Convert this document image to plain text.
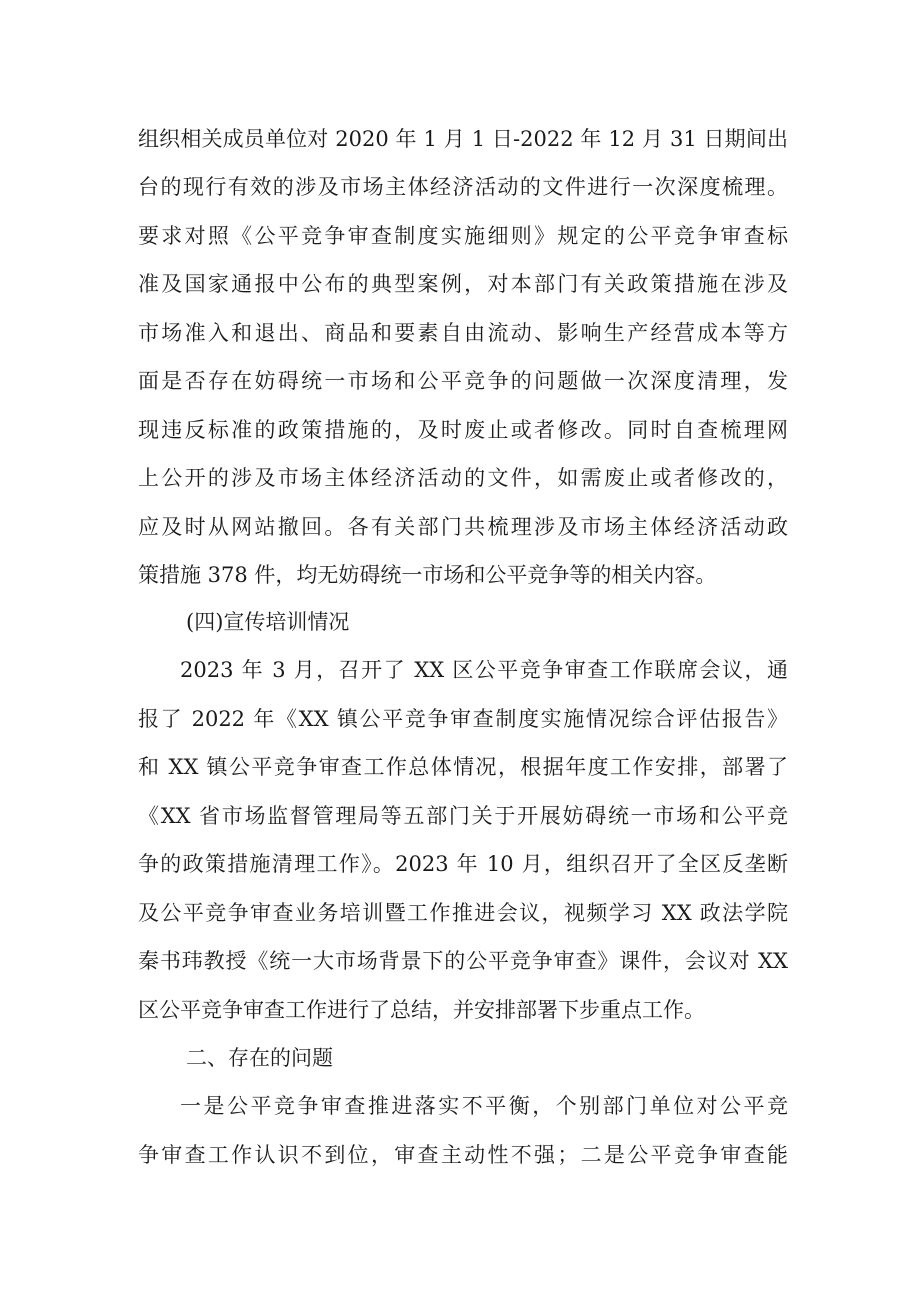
组织相关成员单位对 2020 年 1 月 1 日-2022 年 12 月 31 日期间出

台的现行有效的涉及市场主体经济活动的文件进行一次深度梳理。

要求对照《公平竞争审查制度实施细则》规定的公平竞争审查标

准及国家通报中公布的典型案例，对本部门有关政策措施在涉及

市场准入和退出、商品和要素自由流动、影响生产经营成本等方

面是否存在妨碍统一市场和公平竞争的问题做一次深度清理，发

现违反标准的政策措施的，及时废止或者修改。同时自查梳理网

上公开的涉及市场主体经济活动的文件，如需废止或者修改的，

应及时从网站撤回。各有关部门共梳理涉及市场主体经济活动政

策措施 378 件，均无妨碍统一市场和公平竞争等的相关内容。

(四)宣传培训情况

2023 年 3 月，召开了 XX 区公平竞争审查工作联席会议，通

报了 2022 年《XX 镇公平竞争审查制度实施情况综合评估报告》

和 XX 镇公平竞争审查工作总体情况，根据年度工作安排，部署了

《XX 省市场监督管理局等五部门关于开展妨碍统一市场和公平竞

争的政策措施清理工作》。2023 年 10 月，组织召开了全区反垄断

及公平竞争审查业务培训暨工作推进会议，视频学习 XX 政法学院

秦书玮教授《统一大市场背景下的公平竞争审查》课件，会议对 XX

区公平竞争审查工作进行了总结，并安排部署下步重点工作。

二、存在的问题

一是公平竞争审查推进落实不平衡，个别部门单位对公平竞

争审查工作认识不到位，审查主动性不强；二是公平竞争审查能
